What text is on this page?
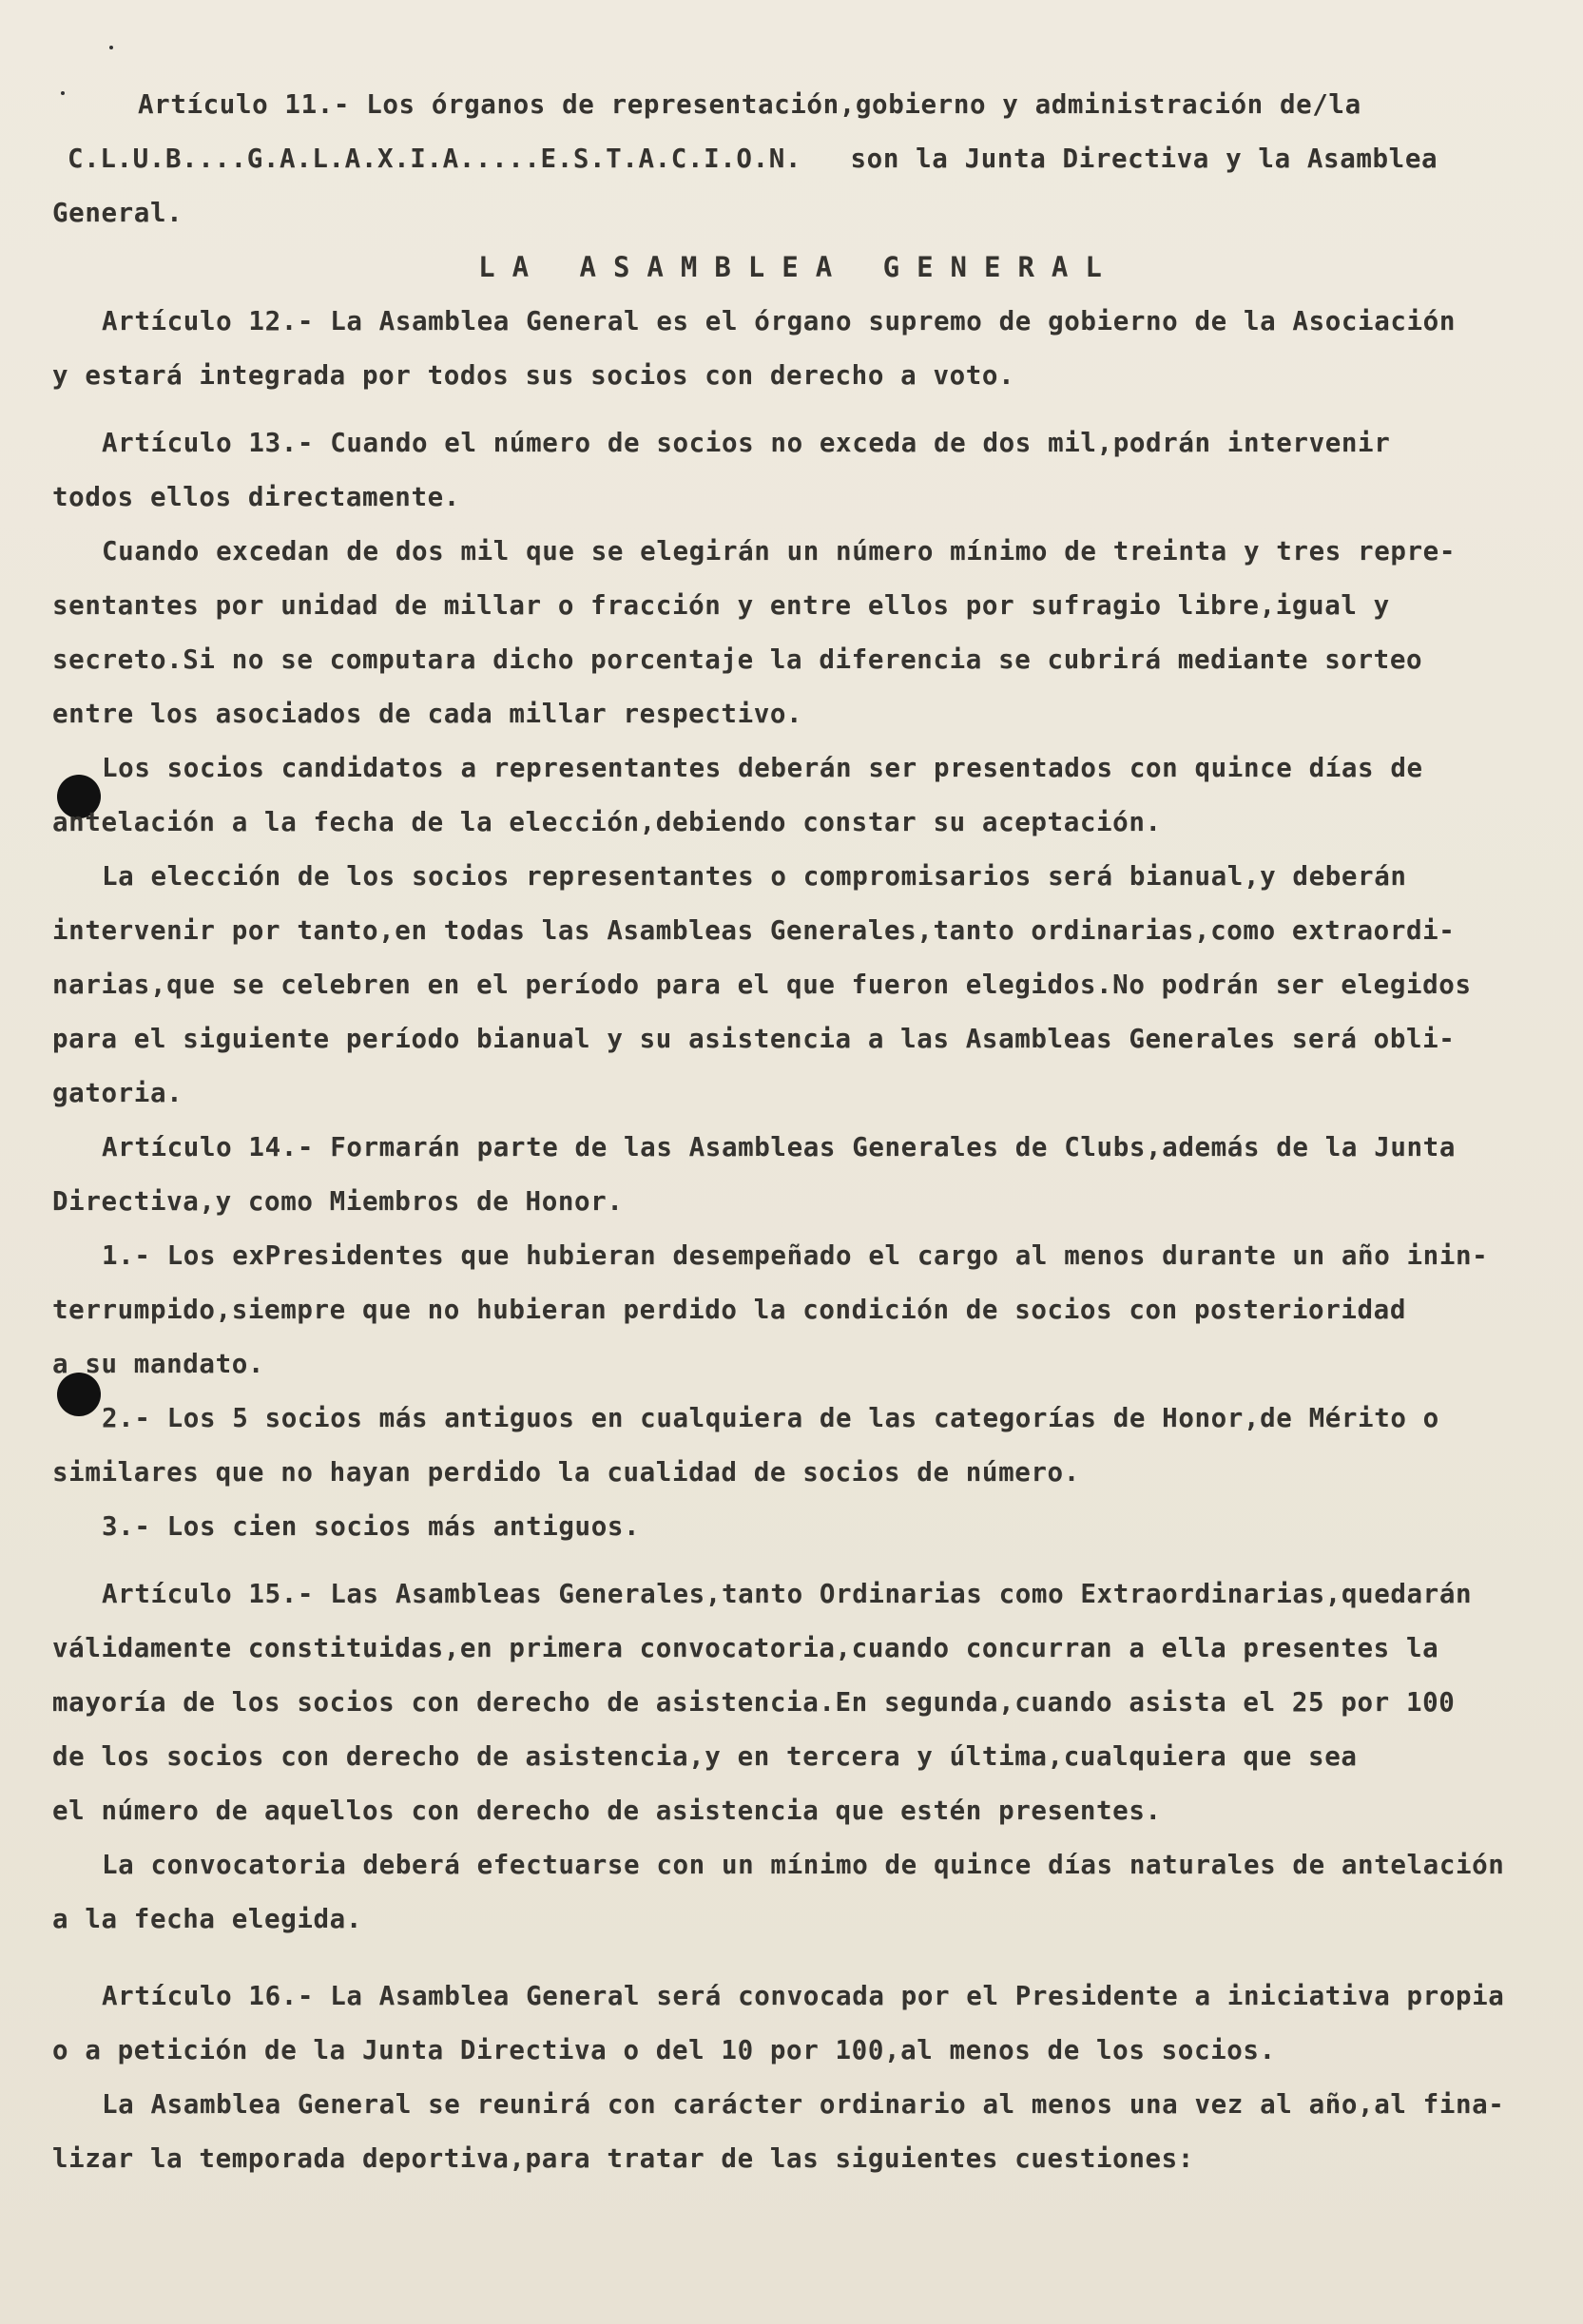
Artículo 11.- Los órganos de representación,gobierno y administración de/la
C.L.U.B....G.A.L.A.X.I.A.....E.S.T.A.C.I.O.N.   son la Junta Directiva y la Asamblea
General.

LA ASAMBLEA GENERAL

Artículo 12.- La Asamblea General es el órgano supremo de gobierno de la Asociación
y estará integrada por todos sus socios con derecho a voto.
Artículo 13.- Cuando el número de socios no exceda de dos mil,podrán intervenir
todos ellos directamente.
Cuando excedan de dos mil que se elegirán un número mínimo de treinta y tres repre-
sentantes por unidad de millar o fracción y entre ellos por sufragio libre,igual y
secreto.Si no se computara dicho porcentaje la diferencia se cubrirá mediante sorteo
entre los asociados de cada millar respectivo.
Los socios candidatos a representantes deberán ser presentados con quince días de
antelación a la fecha de la elección,debiendo constar su aceptación.
La elección de los socios representantes o compromisarios será bianual,y deberán
intervenir por tanto,en todas las Asambleas Generales,tanto ordinarias,como extraordi-
narias,que se celebren en el período para el que fueron elegidos.No podrán ser elegidos
para el siguiente período bianual y su asistencia a las Asambleas Generales será obli-
gatoria.
Artículo 14.- Formarán parte de las Asambleas Generales de Clubs,además de la Junta
Directiva,y como Miembros de Honor.
1.- Los exPresidentes que hubieran desempeñado el cargo al menos durante un año inin-
terrumpido,siempre que no hubieran perdido la condición de socios con posterioridad
a su mandato.
2.- Los 5 socios más antiguos en cualquiera de las categorías de Honor,de Mérito o
similares que no hayan perdido la cualidad de socios de número.
3.- Los cien socios más antiguos.
Artículo 15.- Las Asambleas Generales,tanto Ordinarias como Extraordinarias,quedarán
válidamente constituidas,en primera convocatoria,cuando concurran a ella presentes la
mayoría de los socios con derecho de asistencia.En segunda,cuando asista el 25 por 100
de los socios con derecho de asistencia,y en tercera y última,cualquiera que sea
el número de aquellos con derecho de asistencia que estén presentes.
La convocatoria deberá efectuarse con un mínimo de quince días naturales de antelación
a la fecha elegida.
Artículo 16.- La Asamblea General será convocada por el Presidente a iniciativa propia
o a petición de la Junta Directiva o del 10 por 100,al menos de los socios.
La Asamblea General se reunirá con carácter ordinario al menos una vez al año,al fina-
lizar la temporada deportiva,para tratar de las siguientes cuestiones:
